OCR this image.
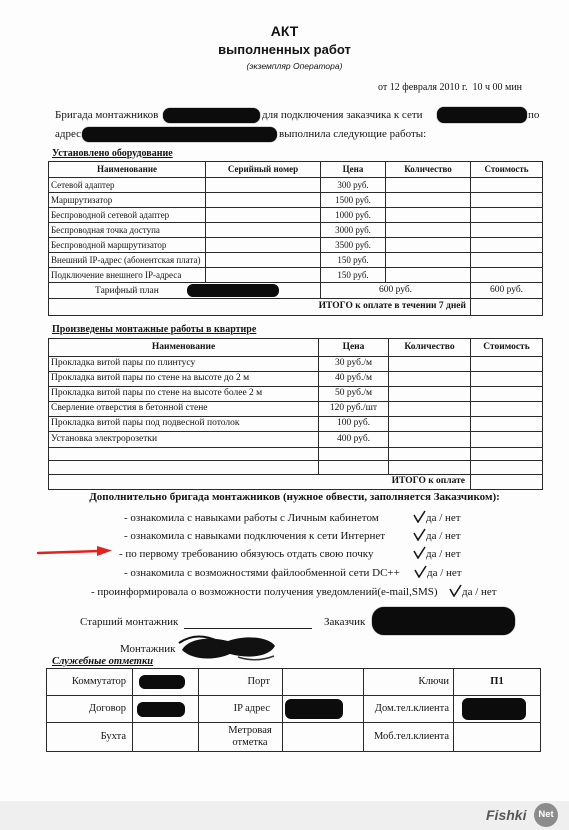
АКТ
выполненных работ
(экземпляр Оператора)
от 12 февраля 2010 г.  10 ч 00 мин
Бригада монтажников	для подключения заказчика к сети	по
адрес	выполнила следующие работы:
Установлено оборудование
Наименование	Серийный номер	Цена	Количество	Стоимость
Сетевой адаптер		300 руб.		
Маршрутизатор		1500 руб.		
Беспроводной сетевой адаптер		1000 руб.		
Беспроводная точка доступа		3000 руб.		
Беспроводной маршрутизатор		3500 руб.		
Внешний IP-адрес (абонентская плата)		150 руб.		
Подключение внешнего IP-адреса		150 руб.		
Тарифный план		600 руб.		600 руб.
ИТОГО к оплате в течении 7 дней				
Произведены монтажные работы в квартире
Наименование	Цена	Количество	Стоимость
Прокладка витой пары по плинтусу	30 руб./м		
Прокладка витой пары по стене на высоте до 2 м	40 руб./м		
Прокладка витой пары по стене на высоте более 2 м	50 руб./м		
Сверление отверстия в бетонной стене	120 руб./шт		
Прокладка витой пары под подвесной потолок	100 руб.		
Установка электророзетки	400 руб.		

ИТОГО к оплате			
Дополнительно бригада монтажников (нужное обвести, заполняется Заказчиком):
- ознакомила с навыками работы с Личным кабинетом	да / нет
- ознакомила с навыками подключения к сети Интернет	да / нет
- по первому требованию обязуюсь отдать свою почку	да / нет
- ознакомила с возможностями файлообменной сети DC++ да / нет
- проинформировала о возможности получения уведомлений(e-mail,SMS) да / нет
Старший монтажник	Заказчик
Монтажник
Служебные отметки
Коммутатор		Порт		Ключи	П1
Договор		IP адрес		Дом.тел.клиента	
Бухта		Метровая отметка		Моб.тел.клиента	
Fishki	Net
